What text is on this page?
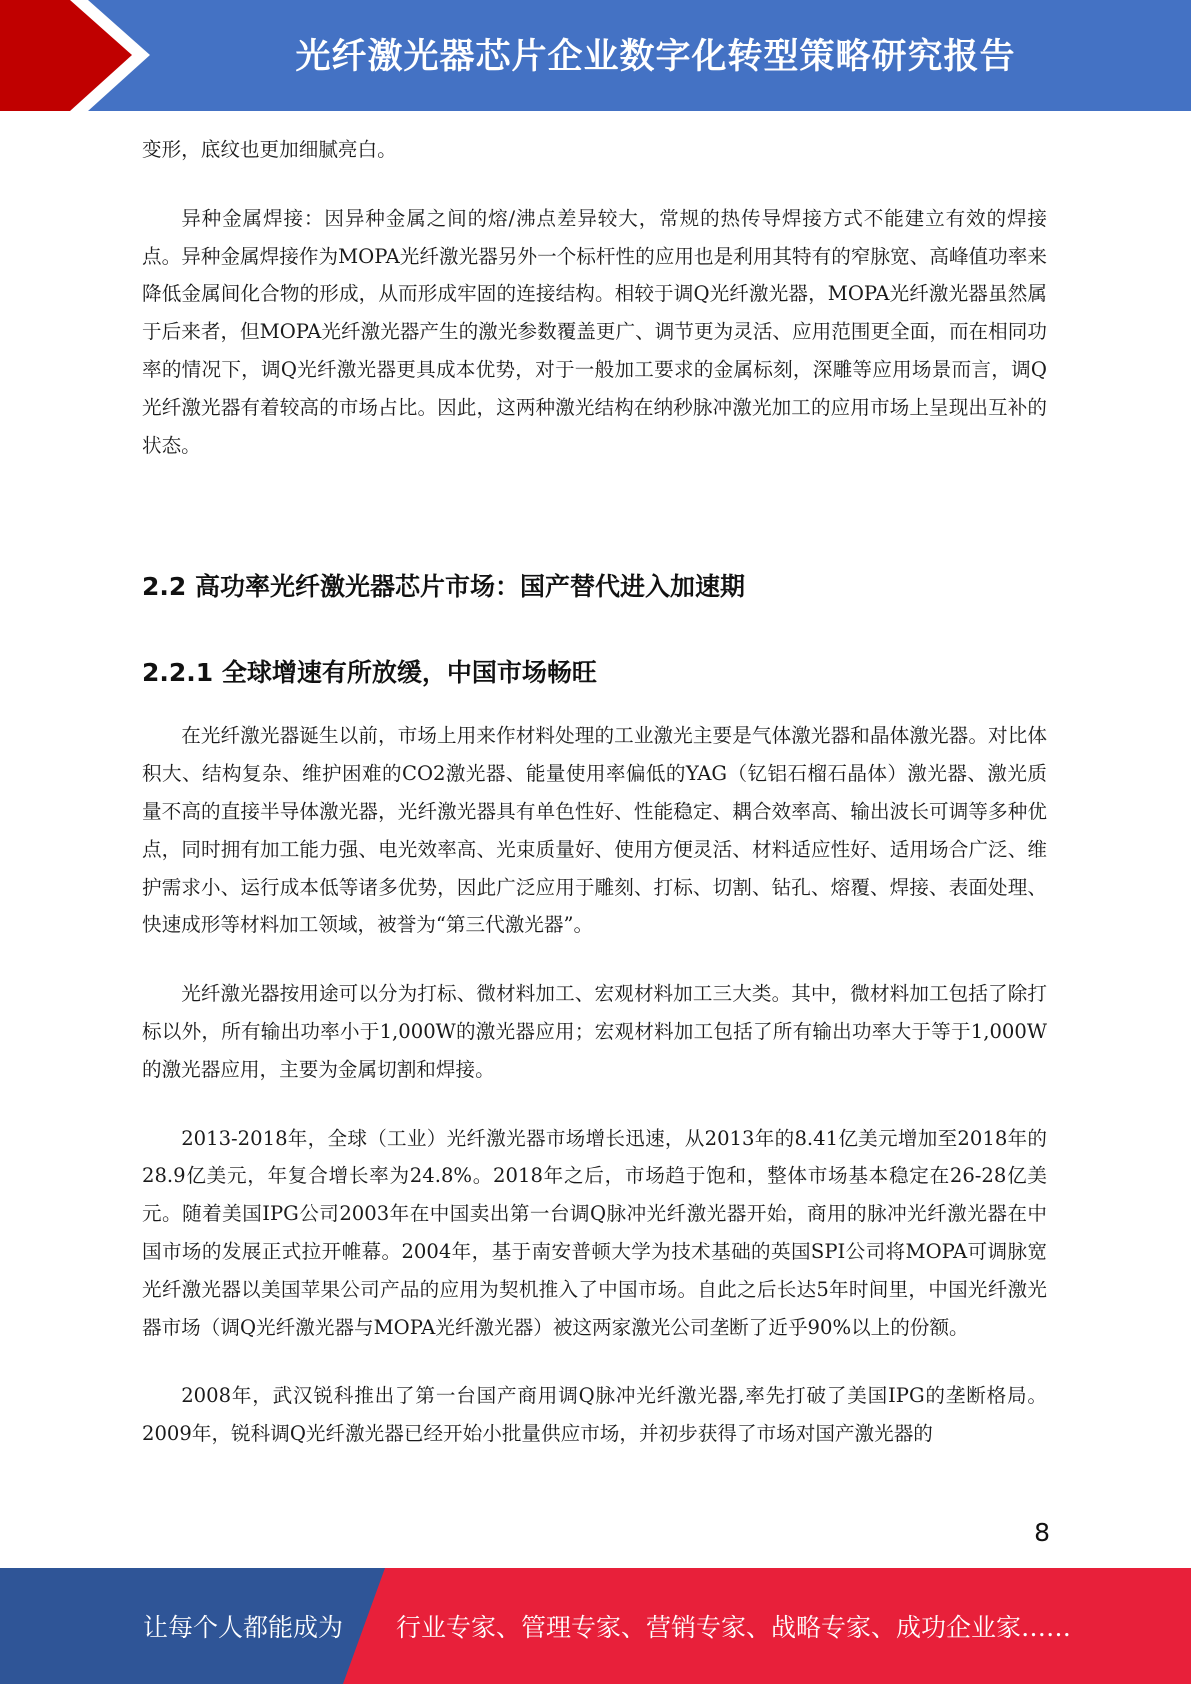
光纤激光器芯片企业数字化转型策略研究报告

变形，底纹也更加细腻亮白。

异种金属焊接：因异种金属之间的熔/沸点差异较大，常规的热传导焊接方式不能建立有效的焊接点。异种金属焊接作为MOPA光纤激光器另外一个标杆性的应用也是利用其特有的窄脉宽、高峰值功率来降低金属间化合物的形成，从而形成牢固的连接结构。相较于调Q光纤激光器，MOPA光纤激光器虽然属于后来者，但MOPA光纤激光器产生的激光参数覆盖更广、调节更为灵活、应用范围更全面，而在相同功率的情况下，调Q光纤激光器更具成本优势，对于一般加工要求的金属标刻，深雕等应用场景而言，调Q光纤激光器有着较高的市场占比。因此，这两种激光结构在纳秒脉冲激光加工的应用市场上呈现出互补的状态。

2.2 高功率光纤激光器芯片市场：国产替代进入加速期
2.2.1 全球增速有所放缓，中国市场畅旺

在光纤激光器诞生以前，市场上用来作材料处理的工业激光主要是气体激光器和晶体激光器。对比体积大、结构复杂、维护困难的CO2激光器、能量使用率偏低的YAG（钇铝石榴石晶体）激光器、激光质量不高的直接半导体激光器，光纤激光器具有单色性好、性能稳定、耦合效率高、输出波长可调等多种优点，同时拥有加工能力强、电光效率高、光束质量好、使用方便灵活、材料适应性好、适用场合广泛、维护需求小、运行成本低等诸多优势，因此广泛应用于雕刻、打标、切割、钻孔、熔覆、焊接、表面处理、快速成形等材料加工领域，被誉为“第三代激光器”。

光纤激光器按用途可以分为打标、微材料加工、宏观材料加工三大类。其中，微材料加工包括了除打标以外，所有输出功率小于1,000W的激光器应用；宏观材料加工包括了所有输出功率大于等于1,000W的激光器应用，主要为金属切割和焊接。

2013-2018年，全球（工业）光纤激光器市场增长迅速，从2013年的8.41亿美元增加至2018年的28.9亿美元，年复合增长率为24.8%。2018年之后，市场趋于饱和，整体市场基本稳定在26-28亿美元。随着美国IPG公司2003年在中国卖出第一台调Q脉冲光纤激光器开始，商用的脉冲光纤激光器在中国市场的发展正式拉开帷幕。2004年，基于南安普顿大学为技术基础的英国SPI公司将MOPA可调脉宽光纤激光器以美国苹果公司产品的应用为契机推入了中国市场。自此之后长达5年时间里，中国光纤激光器市场（调Q光纤激光器与MOPA光纤激光器）被这两家激光公司垄断了近乎90%以上的份额。

2008年，武汉锐科推出了第一台国产商用调Q脉冲光纤激光器,率先打破了美国IPG的垄断格局。2009年，锐科调Q光纤激光器已经开始小批量供应市场，并初步获得了市场对国产激光器的

8
让每个人都能成为 行业专家、管理专家、营销专家、战略专家、成功企业家……
